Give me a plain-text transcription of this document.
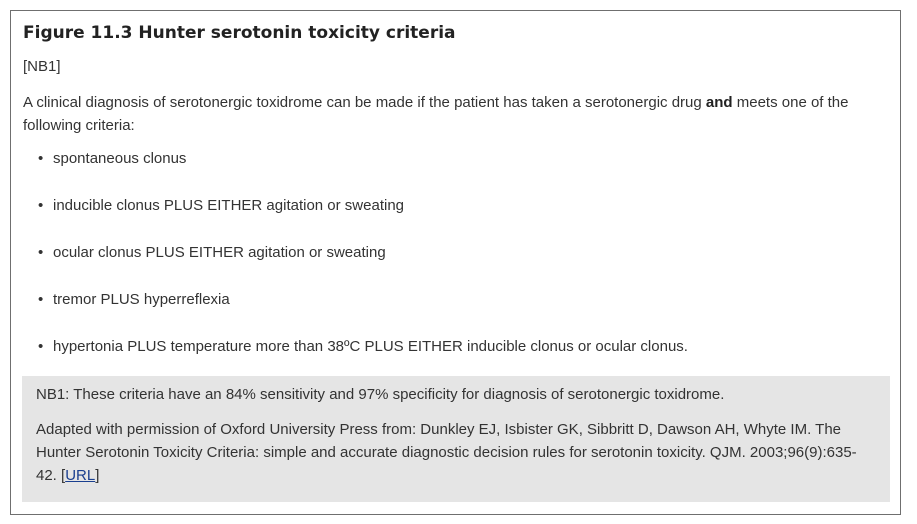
Figure 11.3 Hunter serotonin toxicity criteria
[NB1]

A clinical diagnosis of serotonergic toxidrome can be made if the patient has taken a serotonergic drug and meets one of the following criteria:

• spontaneous clonus
• inducible clonus PLUS EITHER agitation or sweating
• ocular clonus PLUS EITHER agitation or sweating
• tremor PLUS hyperreflexia
• hypertonia PLUS temperature more than 38ºC PLUS EITHER inducible clonus or ocular clonus.

NB1: These criteria have an 84% sensitivity and 97% specificity for diagnosis of serotonergic toxidrome.

Adapted with permission of Oxford University Press from: Dunkley EJ, Isbister GK, Sibbritt D, Dawson AH, Whyte IM. The Hunter Serotonin Toxicity Criteria: simple and accurate diagnostic decision rules for serotonin toxicity. QJM. 2003;96(9):635-42. [URL]
